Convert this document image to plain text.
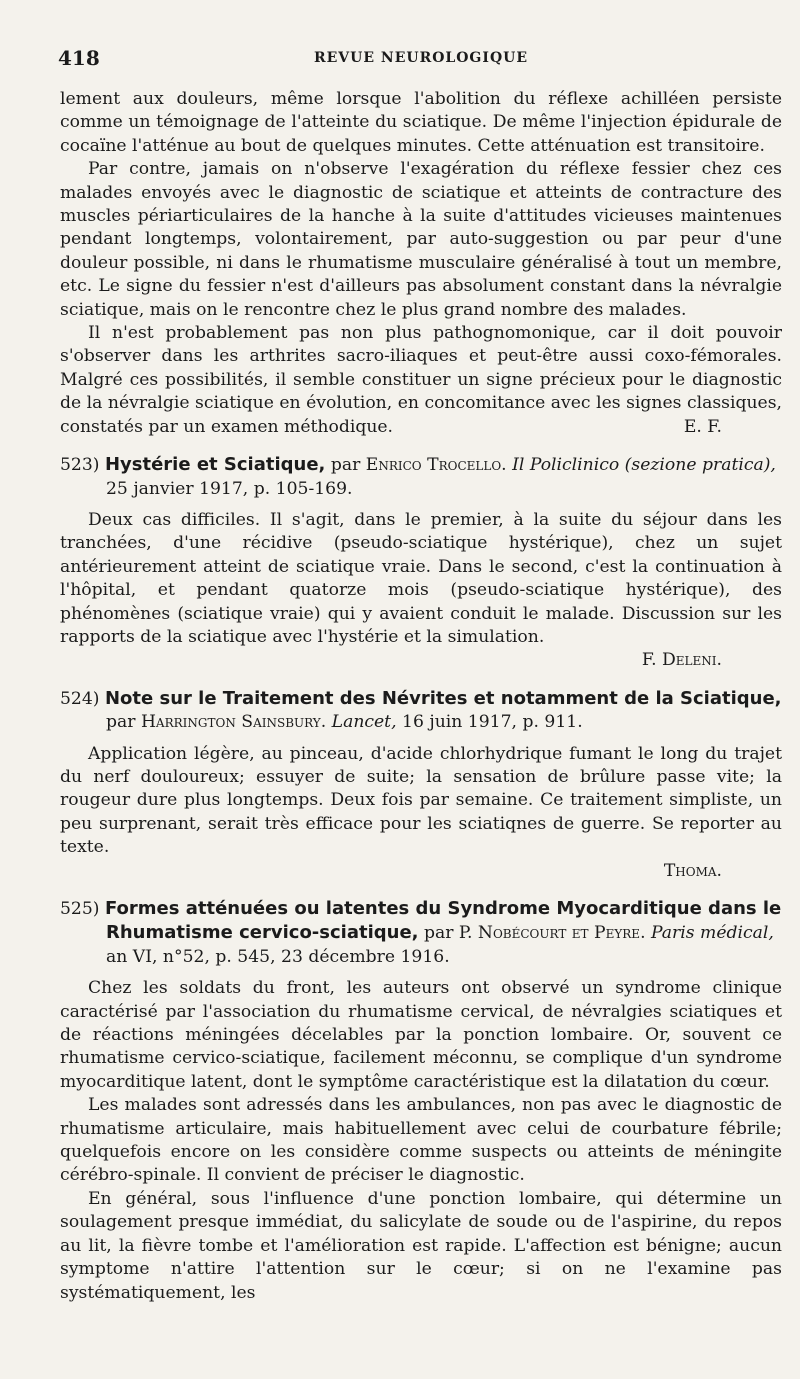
418	REVUE NEUROLOGIQUE

lement aux douleurs, même lorsque l'abolition du réflexe achilléen persiste comme un témoignage de l'atteinte du sciatique. De même l'injection épidurale de cocaïne l'atténue au bout de quelques minutes. Cette atténuation est transitoire.

Par contre, jamais on n'observe l'exagération du réflexe fessier chez ces malades envoyés avec le diagnostic de sciatique et atteints de contracture des muscles périarticulaires de la hanche à la suite d'attitudes vicieuses maintenues pendant longtemps, volontairement, par auto-suggestion ou par peur d'une douleur possible, ni dans le rhumatisme musculaire généralisé à tout un membre, etc. Le signe du fessier n'est d'ailleurs pas absolument constant dans la névralgie sciatique, mais on le rencontre chez le plus grand nombre des malades.

Il n'est probablement pas non plus pathognomonique, car il doit pouvoir s'observer dans les arthrites sacro-iliaques et peut-être aussi coxo-fémorales. Malgré ces possibilités, il semble constituer un signe précieux pour le diagnostic de la névralgie sciatique en évolution, en concomitance avec les signes classiques, constatés par un examen méthodique.	E. F.

523) Hystérie et Sciatique, par Enrico Trocello. Il Policlinico (sezione pratica), 25 janvier 1917, p. 105-169.

Deux cas difficiles. Il s'agit, dans le premier, à la suite du séjour dans les tranchées, d'une récidive (pseudo-sciatique hystérique), chez un sujet antérieurement atteint de sciatique vraie. Dans le second, c'est la continuation à l'hôpital, et pendant quatorze mois (pseudo-sciatique hystérique), des phénomènes (sciatique vraie) qui y avaient conduit le malade. Discussion sur les rapports de la sciatique avec l'hystérie et la simulation.

F. Deleni.

524) Note sur le Traitement des Névrites et notamment de la Sciatique, par Harrington Sainsbury. Lancet, 16 juin 1917, p. 911.

Application légère, au pinceau, d'acide chlorhydrique fumant le long du trajet du nerf douloureux; essuyer de suite; la sensation de brûlure passe vite; la rougeur dure plus longtemps. Deux fois par semaine. Ce traitement simpliste, un peu surprenant, serait très efficace pour les sciatiqnes de guerre. Se reporter au texte.

Thoma.

525) Formes atténuées ou latentes du Syndrome Myocarditique dans le Rhumatisme cervico-sciatique, par P. Nobécourt et Peyre. Paris médical, an VI, n°52, p. 545, 23 décembre 1916.

Chez les soldats du front, les auteurs ont observé un syndrome clinique caractérisé par l'association du rhumatisme cervical, de névralgies sciatiques et de réactions méningées décelables par la ponction lombaire. Or, souvent ce rhumatisme cervico-sciatique, facilement méconnu, se complique d'un syndrome myocarditique latent, dont le symptôme caractéristique est la dilatation du cœur.

Les malades sont adressés dans les ambulances, non pas avec le diagnostic de rhumatisme articulaire, mais habituellement avec celui de courbature fébrile; quelquefois encore on les considère comme suspects ou atteints de méningite cérébro-spinale. Il convient de préciser le diagnostic.

En général, sous l'influence d'une ponction lombaire, qui détermine un soulagement presque immédiat, du salicylate de soude ou de l'aspirine, du repos au lit, la fièvre tombe et l'amélioration est rapide. L'affection est bénigne; aucun symptome n'attire l'attention sur le cœur; si on ne l'examine pas systématiquement, les
